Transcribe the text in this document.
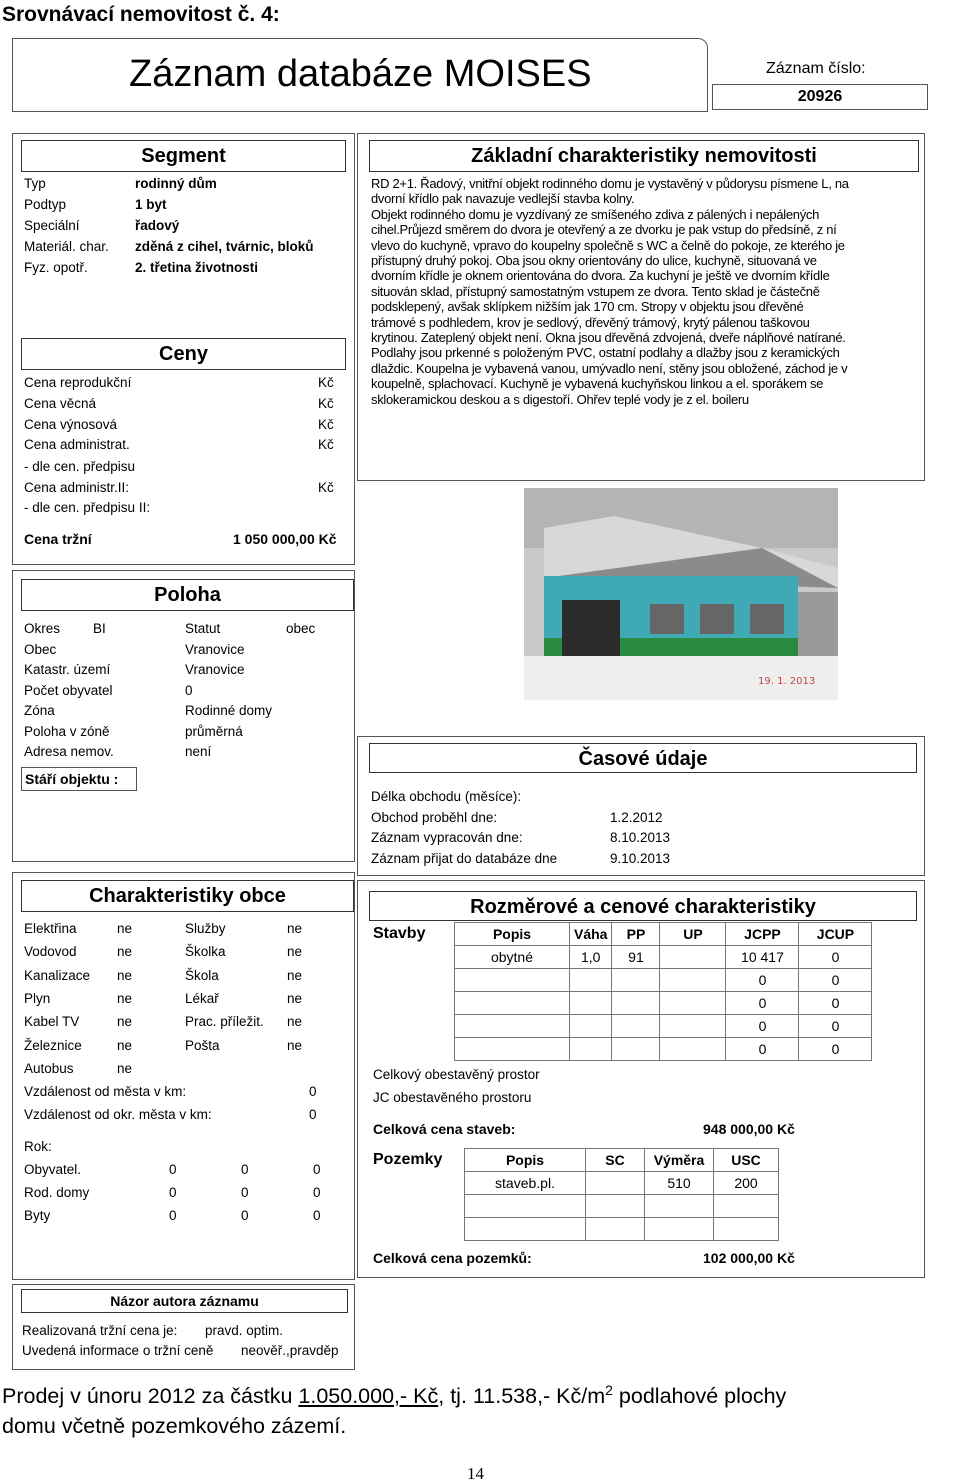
Srovnávací nemovitost č. 4:
Záznam databáze MOISES	Záznam číslo:
20926
Segment
Ceny
Cena tržní	1 050 000,00 Kč
Typ	rodinný dům
Podtyp	1 byt
Speciální	řadový
Materiál. char. zděná z cihel, tvárnic, bloků
Fyz. opotř.	2. třetina životnosti
Cena reprodukční	Kč
Cena věcná	Kč
Cena výnosová	Kč
Cena administrat.	Kč
- dle cen. předpisu
Cena administr.II:	Kč
- dle cen. předpisu II:
Základní charakteristiky nemovitosti
RD 2+1. Řadový, vnitřní objekt rodinného domu je vystavěný v půdorysu písmene L, na
dvorní křídlo pak navazuje vedlejší stavba kolny.
Objekt rodinného domu je vyzdívaný ze smíšeného zdiva z pálených i nepálených
cihel.Průjezd směrem do dvora je otevřený a ze dvorku je pak vstup do předsíně, z ní
vlevo do kuchyně, vpravo do koupelny společně s WC a čelně do pokoje, ze kterého je
přístupný druhý pokoj. Oba jsou okny orientovány do ulice, kuchyně, situovaná ve
dvorním křídle je oknem orientována do dvora. Za kuchyní je ještě ve dvorním křídle
situován sklad, přístupný samostatným vstupem ze dvora. Tento sklad je částečně
podsklepený, avšak sklípkem nižším jak 170 cm. Stropy v objektu jsou dřevěné
trámové s podhledem, krov je sedlový, dřevěný trámový, krytý pálenou taškovou
krytinou. Zateplený objekt není. Okna jsou dřevěná zdvojená, dveře náplňové natírané.
Podlahy jsou prkenné s položeným PVC, ostatní podlahy a dlažby jsou z keramických
dlaždic. Koupelna je vybavená vanou, umývadlo není, stěny jsou obložené, záchod je v
koupelně, splachovací. Kuchyně je vybavená kuchyňskou linkou a el. sporákem se
sklokeramickou deskou a s digestoří. Ohřev teplé vody je z el. boileru
19. 1. 2013
Poloha
Stáří objektu :
Okres BI	Statut	obec
Obec	Vranovice
Katastr. území	Vranovice
Počet obyvatel	0
Zóna	Rodinné domy
Poloha v zóně	průměrná
Adresa nemov.	není	Časové údaje
Délka obchodu (měsíce):
Obchod proběhl dne:	1.2.2012
Záznam vypracován dne:	8.10.2013
Záznam přijat do databáze dne	9.10.2013
Charakteristiky obce
Vzdálenost od města v km:	0
Vzdálenost od okr. města v km:	0
Rok:
Elektřina	ne	Služby	ne
Vodovod	ne	Školka	ne
Kanalizace ne	Škola	ne
Plyn	ne	Lékař	ne
Kabel TV	ne	Prac. příležit. ne
Železnice	ne	Pošta	ne
Autobus	ne
Obyvatel.	0	0	0
Rod. domy	0	0	0
Byty	0	0	0
Rozměrové a cenové charakteristiky
Stavby	Popis	Váha	PP	UP	JCPP	JCUP
obytné	1,0	91		10 417	0
				0	0
				0	0
				0	0
				0	0
Celkový obestavěný prostor
JC obestavěného prostoru
Celková cena staveb:	948 000,00 Kč
Pozemky	Popis	SC	Výměra	USC
staveb.pl.		510	200

Celková cena pozemků:	102 000,00 Kč
Názor autora záznamu
Realizovaná tržní cena je: pravd. optim.
Uvedená informace o tržní ceně neověř.,pravděp
Prodej v únoru 2012 za částku 1.050.000,- Kč, tj. 11.538,- $Kč/m^2$ podlahové plochy
domu včetně pozemkového zázemí.
14
